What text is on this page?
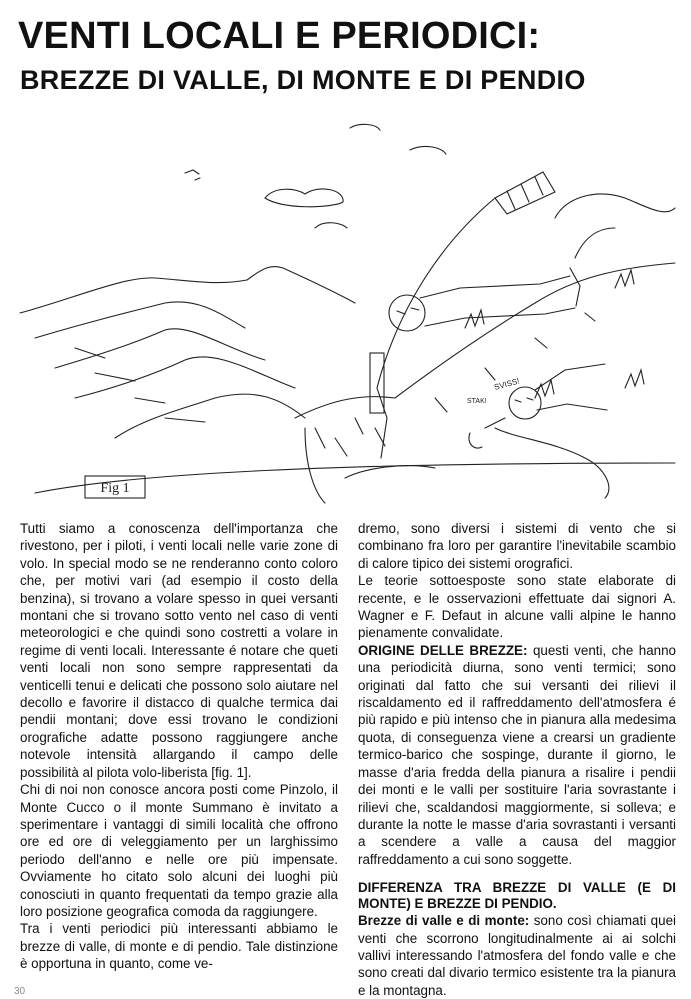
VENTI LOCALI E PERIODICI:
BREZZE DI VALLE, DI MONTE E DI PENDIO
Fig 1
SVISS!
STAK!

Tutti siamo a conoscenza dell'importanza che rivestono, per i piloti, i venti locali nelle varie zone di volo. In special modo se ne renderanno conto coloro che, per motivi vari (ad esempio il costo della benzina), si trovano a volare spesso in quei versanti montani che si trovano sotto vento nel caso di venti meteorologici e che quindi sono costretti a volare in regime di venti locali. Interessante é notare che queti venti locali non sono sempre rappresentati da venticelli tenui e delicati che possono solo aiutare nel decollo e favorire il distacco di qualche termica dai pendii montani; dove essi trovano le condizioni orografiche adatte possono raggiungere anche notevole intensità allargando il campo delle possibilità al pilota volo-liberista [fig. 1].

Chi di noi non conosce ancora posti come Pinzolo, il Monte Cucco o il monte Summano è invitato a sperimentare i vantaggi di simili località che offrono ore ed ore di veleggiamento per un larghissimo periodo dell'anno e nelle ore più impensate. Ovviamente ho citato solo alcuni dei luoghi più conosciuti in quanto frequentati da tempo grazie alla loro posizione geografica comoda da raggiungere.

Tra i venti periodici più interessanti abbiamo le brezze di valle, di monte e di pendio. Tale distinzione è opportuna in quanto, come ve-

dremo, sono diversi i sistemi di vento che si combinano fra loro per garantire l'inevitabile scambio di calore tipico dei sistemi orografici.

Le teorie sottoesposte sono state elaborate di recente, e le osservazioni effettuate dai signori A. Wagner e F. Defaut in alcune valli alpine le hanno pienamente convalidate.

ORIGINE DELLE BREZZE: questi venti, che hanno una periodicità diurna, sono venti termici; sono originati dal fatto che sui versanti dei rilievi il riscaldamento ed il raffreddamento dell'atmosfera é più rapido e più intenso che in pianura alla medesima quota, di conseguenza viene a crearsi un gradiente termico-barico che sospinge, durante il giorno, le masse d'aria fredda della pianura a risalire i pendii dei monti e le valli per sostituire l'aria sovrastante i rilievi che, scaldandosi maggiormente, si solleva; e durante la notte le masse d'aria sovrastanti i versanti a scendere a valle a causa del maggior raffreddamento a cui sono soggette.

DIFFERENZA TRA BREZZE DI VALLE (E DI MONTE) E BREZZE DI PENDIO.

Brezze di valle e di monte: sono così chiamati quei venti che scorrono longitudinalmente ai ai solchi vallivi interessando l'atmosfera del fondo valle e che sono creati dal divario termico esistente tra la pianura e la montagna.

30
